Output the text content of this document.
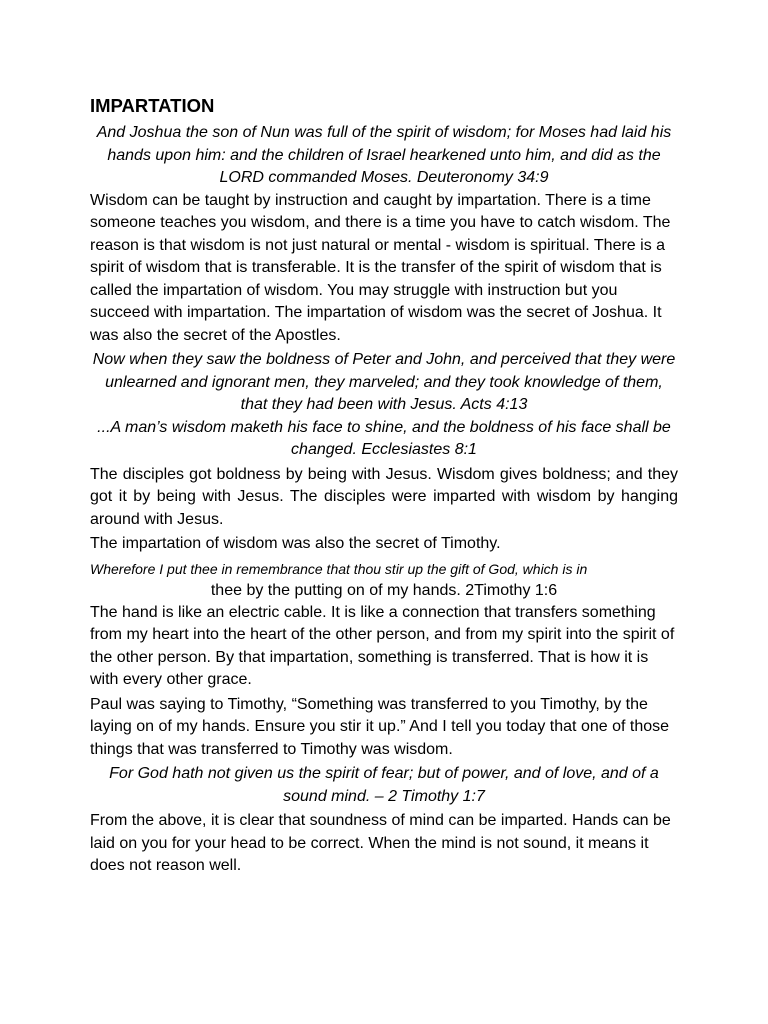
IMPARTATION

And Joshua the son of Nun was full of the spirit of wisdom; for Moses had laid his hands upon him: and the children of Israel hearkened unto him, and did as the LORD commanded Moses. Deuteronomy 34:9

Wisdom can be taught by instruction and caught by impartation. There is a time someone teaches you wisdom, and there is a time you have to catch wisdom. The reason is that wisdom is not just natural or mental - wisdom is spiritual. There is a spirit of wisdom that is transferable. It is the transfer of the spirit of wisdom that is called the impartation of wisdom. You may struggle with instruction but you succeed with impartation. The impartation of wisdom was the secret of Joshua. It was also the secret of the Apostles.

Now when they saw the boldness of Peter and John, and perceived that they were unlearned and ignorant men, they marveled; and they took knowledge of them, that they had been with Jesus. Acts 4:13

...A man’s wisdom maketh his face to shine, and the boldness of his face shall be changed. Ecclesiastes 8:1

The disciples got boldness by being with Jesus. Wisdom gives boldness; and they got it by being with Jesus. The disciples were imparted with wisdom by hanging around with Jesus.

The impartation of wisdom was also the secret of Timothy.

Wherefore I put thee in remembrance that thou stir up the gift of God, which is in

thee by the putting on of my hands. 2Timothy 1:6

The hand is like an electric cable. It is like a connection that transfers something from my heart into the heart of the other person, and from my spirit into the spirit of the other person. By that impartation, something is transferred. That is how it is with every other grace.

Paul was saying to Timothy, “Something was transferred to you Timothy, by the laying on of my hands. Ensure you stir it up.” And I tell you today that one of those things that was transferred to Timothy was wisdom.

For God hath not given us the spirit of fear; but of power, and of love, and of a sound mind. – 2 Timothy 1:7

From the above, it is clear that soundness of mind can be imparted. Hands can be laid on you for your head to be correct. When the mind is not sound, it means it does not reason well.
